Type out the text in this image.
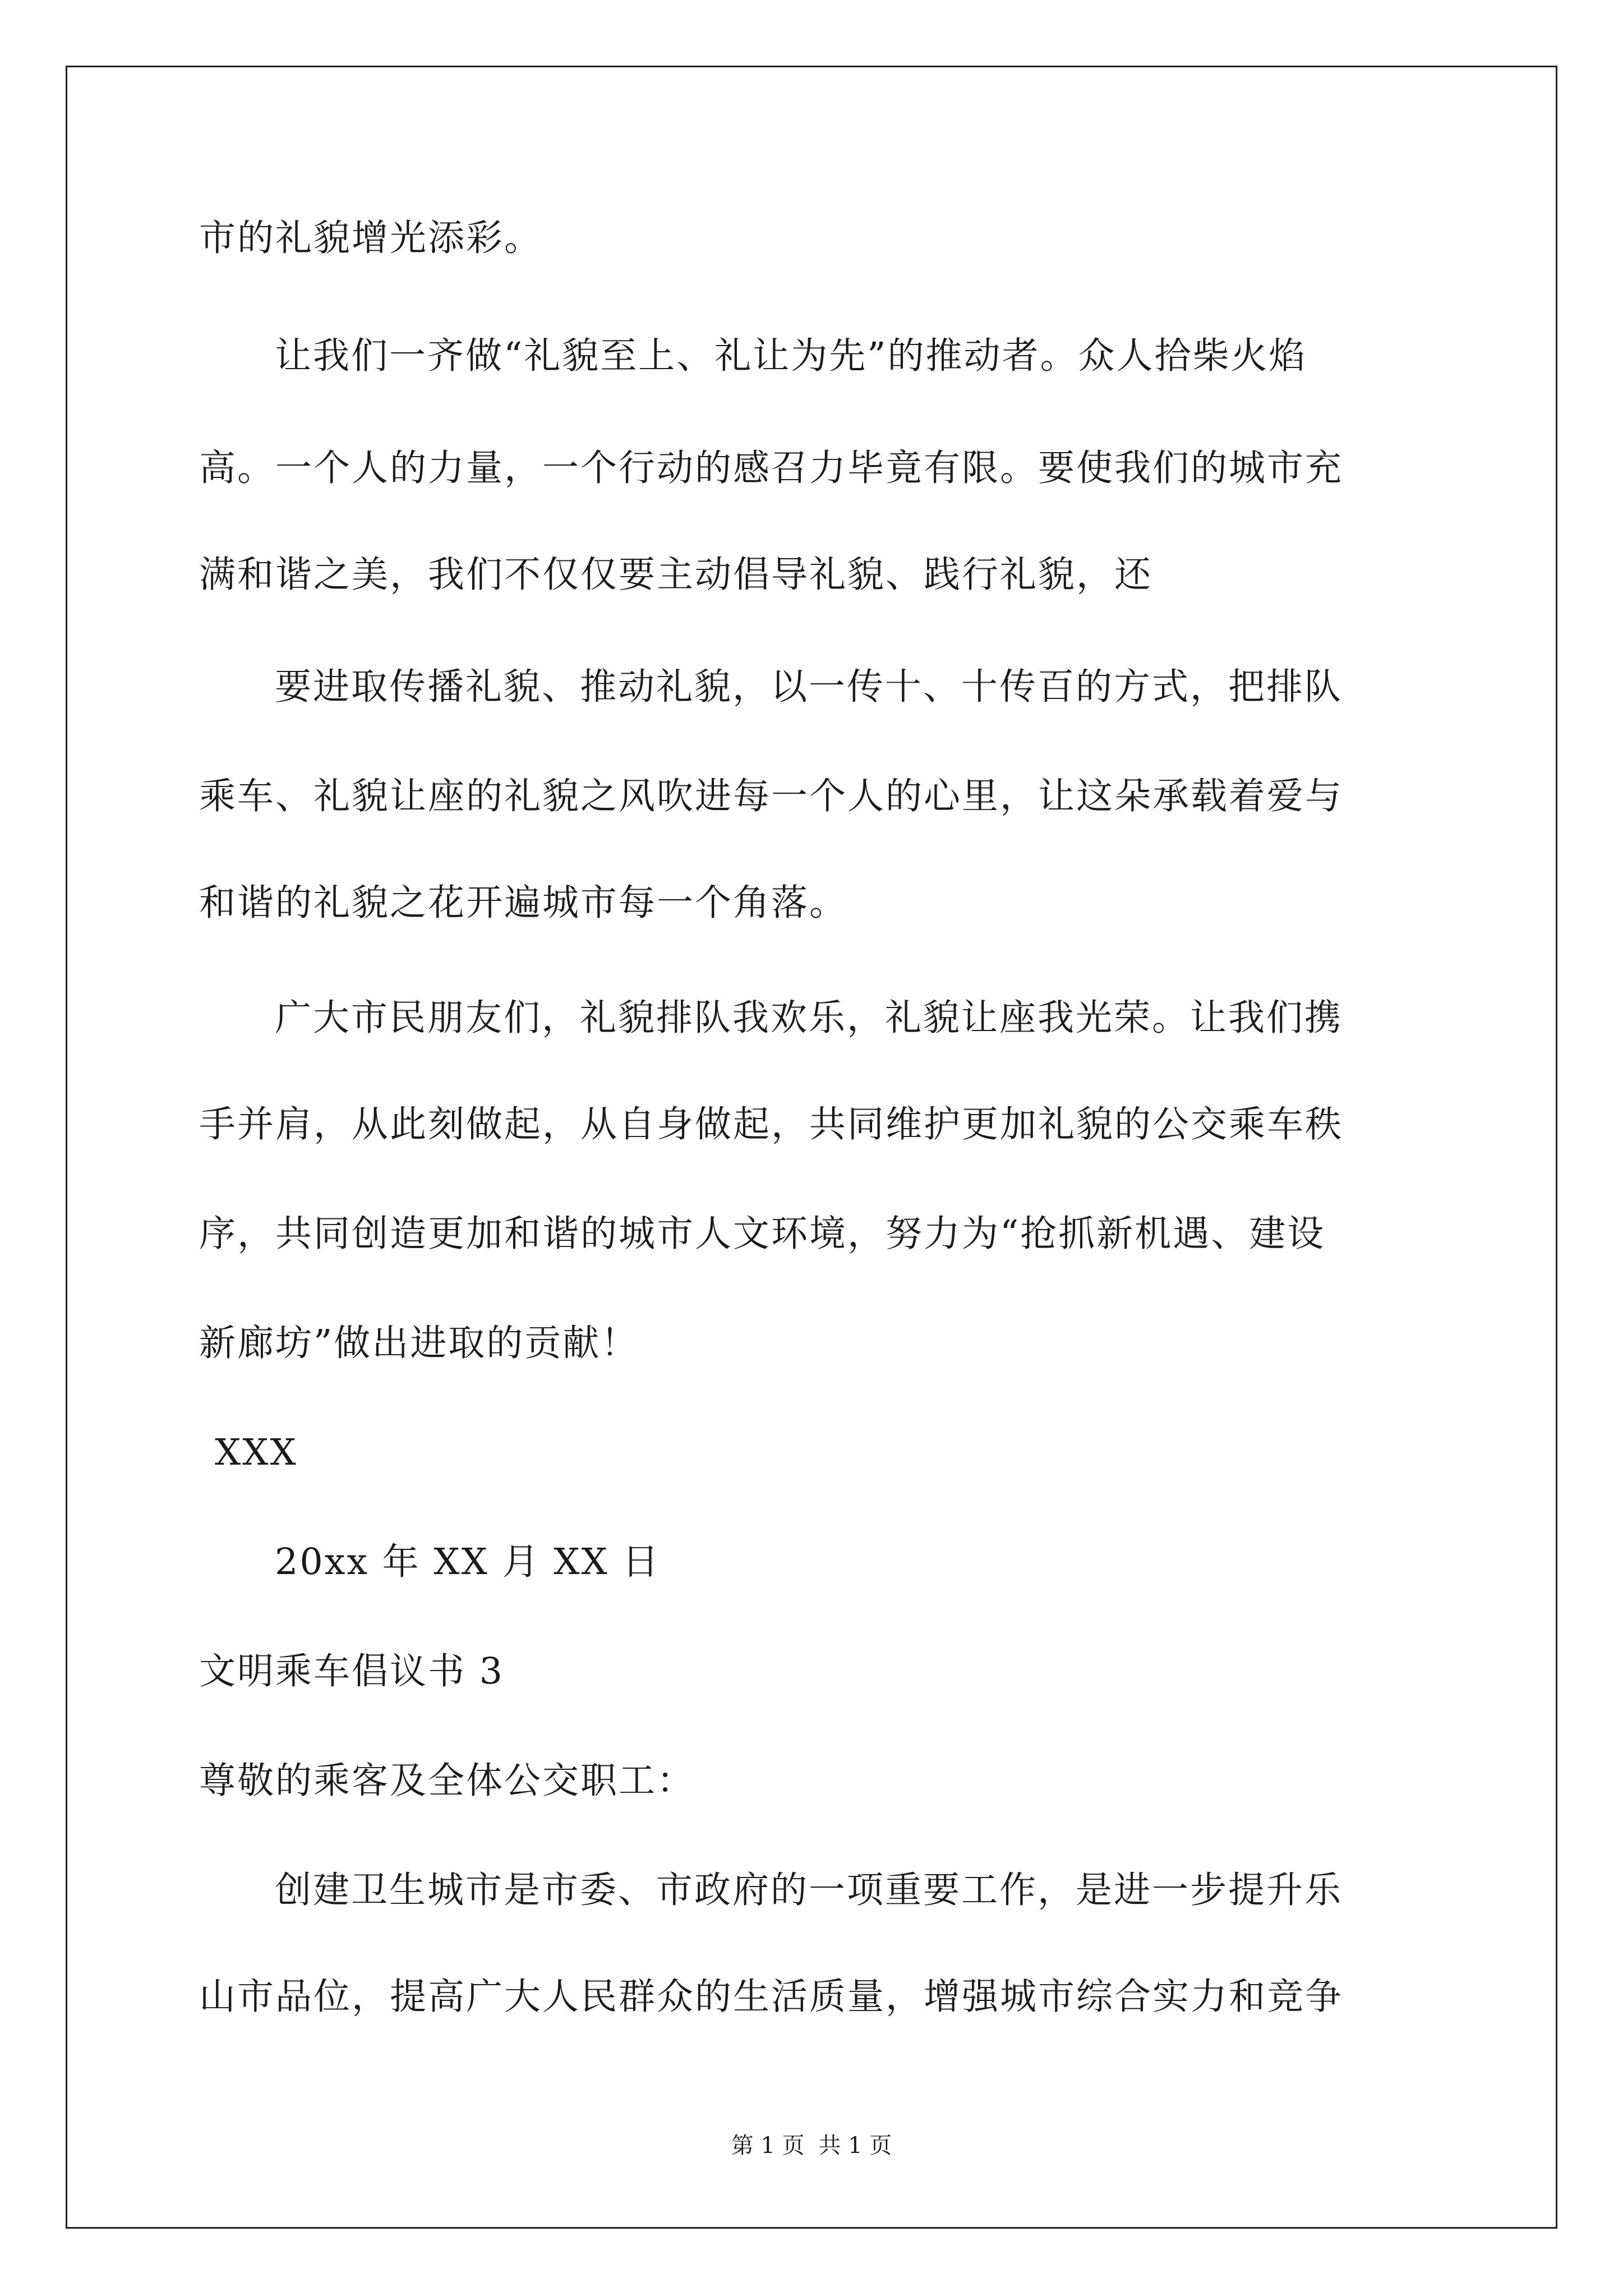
市的礼貌增光添彩。
让我们一齐做“礼貌至上、礼让为先”的推动者。众人拾柴火焰
高。一个人的力量，一个行动的感召力毕竟有限。要使我们的城市充
满和谐之美，我们不仅仅要主动倡导礼貌、践行礼貌，还
要进取传播礼貌、推动礼貌，以一传十、十传百的方式，把排队
乘车、礼貌让座的礼貌之风吹进每一个人的心里，让这朵承载着爱与
和谐的礼貌之花开遍城市每一个角落。
广大市民朋友们，礼貌排队我欢乐，礼貌让座我光荣。让我们携
手并肩，从此刻做起，从自身做起，共同维护更加礼貌的公交乘车秩
序，共同创造更加和谐的城市人文环境，努力为“抢抓新机遇、建设
新廊坊”做出进取的贡献！
XXX
20xx 年 XX 月 XX 日
文明乘车倡议书 3
尊敬的乘客及全体公交职工：
创建卫生城市是市委、市政府的一项重要工作，是进一步提升乐
山市品位，提高广大人民群众的生活质量，增强城市综合实力和竞争
第 1 页 共 1 页
